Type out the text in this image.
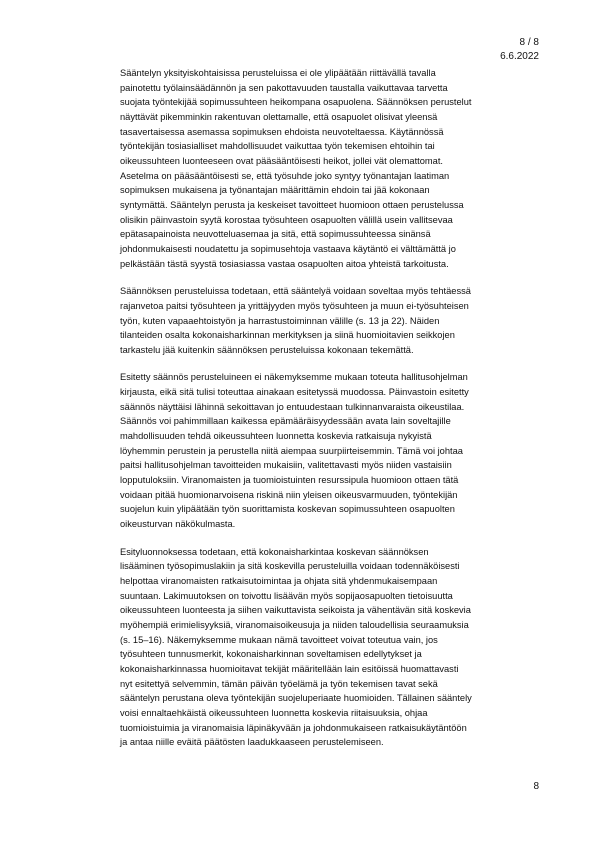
8 / 8
6.6.2022

Sääntelyn yksityiskohtaisissa perusteluissa ei ole ylipäätään riittävällä tavalla
painotettu työlainsäädännön ja sen pakottavuuden taustalla vaikuttavaa tarvetta
suojata työntekijää sopimussuhteen heikompana osapuolena. Säännöksen perustelut
näyttävät pikemminkin rakentuvan olettamalle, että osapuolet olisivat yleensä
tasavertaisessa asemassa sopimuksen ehdoista neuvoteltaessa. Käytännössä
työntekijän tosiasialliset mahdollisuudet vaikuttaa työn tekemisen ehtoihin tai
oikeussuhteen luonteeseen ovat pääsääntöisesti heikot, jollei vät olemattomat.
Asetelma on pääsääntöisesti se, että työsuhde joko syntyy työnantajan laatiman
sopimuksen mukaisena ja työnantajan määrittämin ehdoin tai jää kokonaan
syntymättä. Sääntelyn perusta ja keskeiset tavoitteet huomioon ottaen perustelussa
olisikin päinvastoin syytä korostaa työsuhteen osapuolten välillä usein vallitsevaa
epätasapainoista neuvotteluasemaa ja sitä, että sopimussuhteessa sinänsä
johdonmukaisesti noudatettu ja sopimusehtoja vastaava käytäntö ei välttämättä jo
pelkästään tästä syystä tosiasiassa vastaa osapuolten aitoa yhteistä tarkoitusta.

Säännöksen perusteluissa todetaan, että sääntelyä voidaan soveltaa myös tehtäessä
rajanvetoa paitsi työsuhteen ja yrittäjyyden myös työsuhteen ja muun ei-työsuhteisen
työn, kuten vapaaehtoistyön ja harrastustoiminnan välille (s. 13 ja 22). Näiden
tilanteiden osalta kokonaisharkinnan merkityksen ja siinä huomioitavien seikkojen
tarkastelu jää kuitenkin säännöksen perusteluissa kokonaan tekemättä.

Esitetty säännös perusteluineen ei näkemyksemme mukaan toteuta hallitusohjelman
kirjausta, eikä sitä tulisi toteuttaa ainakaan esitetyssä muodossa. Päinvastoin esitetty
säännös näyttäisi lähinnä sekoittavan jo entuudestaan tulkinnanvaraista oikeustilaa.
Säännös voi pahimmillaan kaikessa epämääräisyydessään avata lain soveltajille
mahdollisuuden tehdä oikeussuhteen luonnetta koskevia ratkaisuja nykyistä
löyhemmin perustein ja perustella niitä aiempaa suurpiirteisemmin. Tämä voi johtaa
paitsi hallitusohjelman tavoitteiden mukaisiin, valitettavasti myös niiden vastaisiin
lopputuloksiin. Viranomaisten ja tuomioistuinten resurssipula huomioon ottaen tätä
voidaan pitää huomionarvoisena riskinä niin yleisen oikeusvarmuuden, työntekijän
suojelun kuin ylipäätään työn suorittamista koskevan sopimussuhteen osapuolten
oikeusturvan näkökulmasta.

Esityluonnoksessa todetaan, että kokonaisharkintaa koskevan säännöksen
lisääminen työsopimuslakiin ja sitä koskevilla perusteluilla voidaan todennäköisesti
helpottaa viranomaisten ratkaisutoimintaa ja ohjata sitä yhdenmukaisempaan
suuntaan. Lakimuutoksen on toivottu lisäävän myös sopijaosapuolten tietoisuutta
oikeussuhteen luonteesta ja siihen vaikuttavista seikoista ja vähentävän sitä koskevia
myöhempiä erimielisyyksiä, viranomaisoikeusuja ja niiden taloudellisia seuraamuksia
(s. 15–16). Näkemyksemme mukaan nämä tavoitteet voivat toteutua vain, jos
työsuhteen tunnusmerkit, kokonaisharkinnan soveltamisen edellytykset ja
kokonaisharkinnassa huomioitavat tekijät määritellään lain esitöissä huomattavasti
nyt esitettyä selvemmin, tämän päivän työelämä ja työn tekemisen tavat sekä
sääntelyn perustana oleva työntekijän suojeluperiaate huomioiden. Tällainen sääntely
voisi ennaltaehkäistä oikeussuhteen luonnetta koskevia riitaisuuksia, ohjaa
tuomioistuimia ja viranomaisia läpinäkyvään ja johdonmukaiseen ratkaisukäytäntöön
ja antaa niille eväitä päätösten laadukkaaseen perustelemiseen.

8
